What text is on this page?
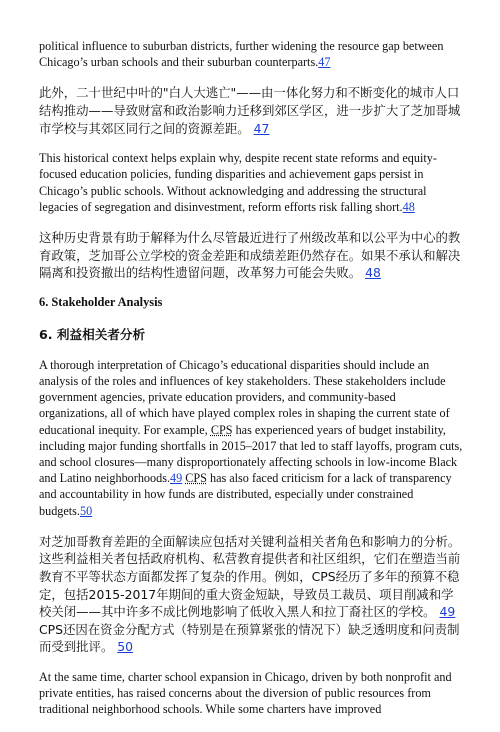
political influence to suburban districts, further widening the resource gap between Chicago’s urban schools and their suburban counterparts.47

此外，二十世纪中叶的"白人大逃亡"——由一体化努力和不断变化的城市人口结构推动——导致财富和政治影响力迁移到郊区学区，进一步扩大了芝加哥城市学校与其郊区同行之间的资源差距。 47

This historical context helps explain why, despite recent state reforms and equity-focused education policies, funding disparities and achievement gaps persist in Chicago’s public schools. Without acknowledging and addressing the structural legacies of segregation and disinvestment, reform efforts risk falling short.48

这种历史背景有助于解释为什么尽管最近进行了州级改革和以公平为中心的教育政策，芝加哥公立学校的资金差距和成绩差距仍然存在。如果不承认和解决隔离和投资撤出的结构性遗留问题，改革努力可能会失败。 48

6. Stakeholder Analysis
6. 利益相关者分析

A thorough interpretation of Chicago’s educational disparities should include an analysis of the roles and influences of key stakeholders. These stakeholders include government agencies, private education providers, and community-based organizations, all of which have played complex roles in shaping the current state of educational inequity. For example, CPS has experienced years of budget instability, including major funding shortfalls in 2015–2017 that led to staff layoffs, program cuts, and school closures—many disproportionately affecting schools in low-income Black and Latino neighborhoods.49 CPS has also faced criticism for a lack of transparency and accountability in how funds are distributed, especially under constrained budgets.50

对芝加哥教育差距的全面解读应包括对关键利益相关者角色和影响力的分析。这些利益相关者包括政府机构、私营教育提供者和社区组织，它们在塑造当前教育不平等状态方面都发挥了复杂的作用。例如，CPS经历了多年的预算不稳定，包括2015-2017年期间的重大资金短缺，导致员工裁员、项目削减和学校关闭——其中许多不成比例地影响了低收入黑人和拉丁裔社区的学校。 49 CPS还因在资金分配方式（特别是在预算紧张的情况下）缺乏透明度和问责制而受到批评。 50

At the same time, charter school expansion in Chicago, driven by both nonprofit and private entities, has raised concerns about the diversion of public resources from traditional neighborhood schools. While some charters have improved
